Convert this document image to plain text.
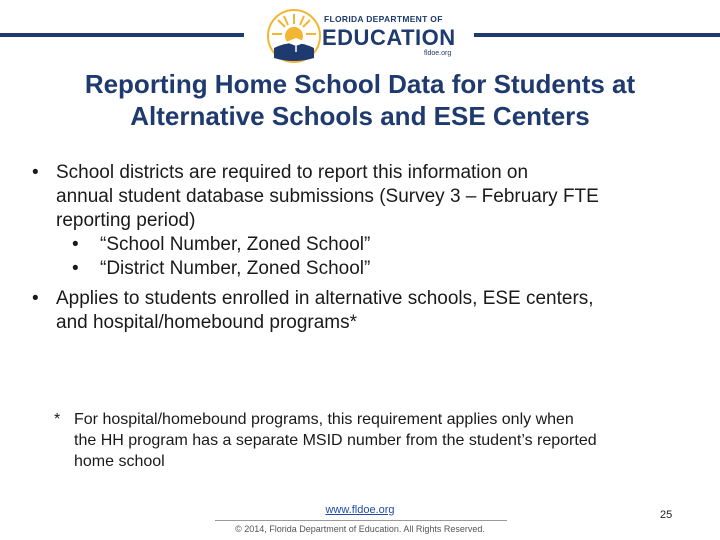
FLORIDA DEPARTMENT OF
EDUCATION
fldoe.org
Reporting Home School Data for Students at
Alternative Schools and ESE Centers
• School districts are required to report this information on
annual student database submissions (Survey 3 – February FTE
reporting period)
• “School Number, Zoned School”
• “District Number, Zoned School”
• Applies to students enrolled in alternative schools, ESE centers,
and hospital/homebound programs*
* For hospital/homebound programs, this requirement applies only when
the HH program has a separate MSID number from the student’s reported
home school
www.fldoe.org
© 2014, Florida Department of Education. All Rights Reserved.
25
